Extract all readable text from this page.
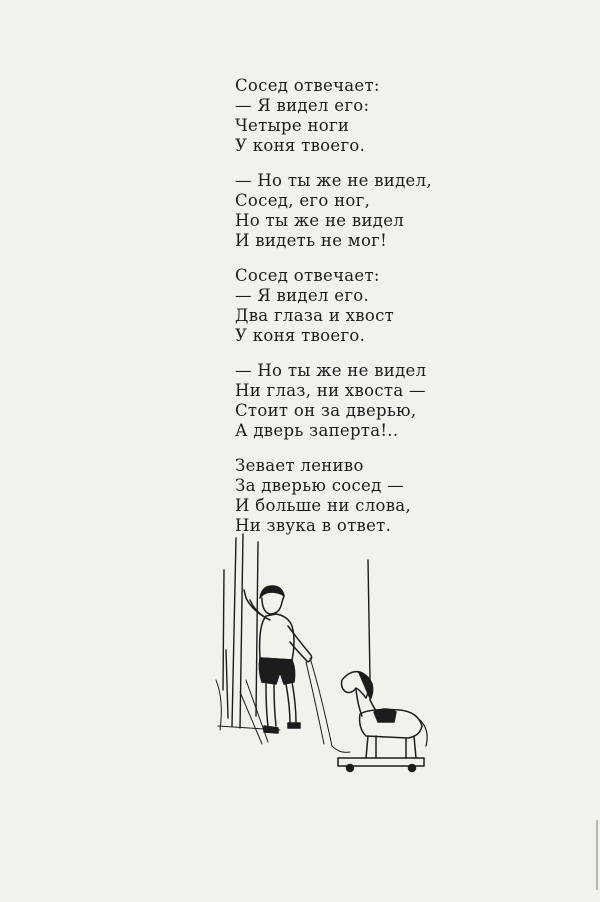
Сосед отвечает:
— Я видел его:
Четыре ноги
У коня твоего.
— Но ты же не видел,
Сосед, его ног,
Но ты же не видел
И видеть не мог!
Сосед отвечает:
— Я видел его.
Два глаза и хвост
У коня твоего.
— Но ты же не видел
Ни глаз, ни хвоста —
Стоит он за дверью,
А дверь заперта!..
Зевает лениво
За дверью сосед —
И больше ни слова,
Ни звука в ответ.
